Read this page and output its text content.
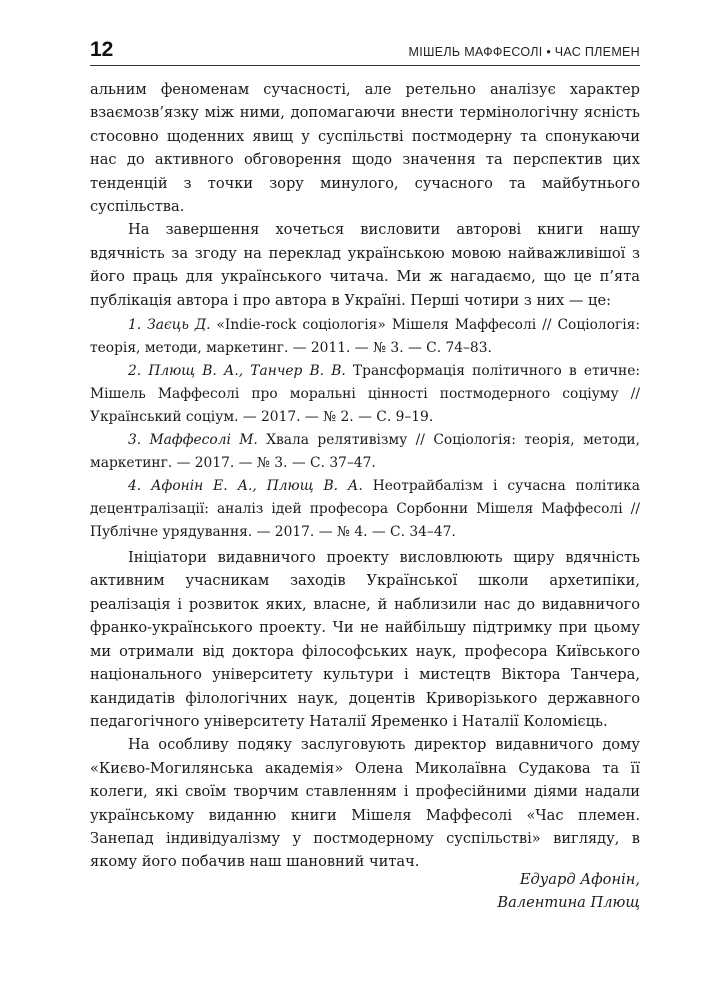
12	МІШЕЛЬ МАФФЕСОЛІ • ЧАС ПЛЕМЕН

альним феноменам сучасності, але ретельно аналізує характер взаємозв’язку між ними, допомагаючи внести термінологічну ясність стосовно щоденних явищ у суспільстві постмодерну та спонукаючи нас до активного обговорення щодо значення та перспектив цих тенденцій з точки зору минулого, сучасного та майбутнього суспільства.

На завершення хочеться висловити авторові книги нашу вдячність за згоду на переклад українською мовою найважливішої з його праць для українського читача. Ми ж нагадаємо, що це п’ята публікація автора і про автора в Україні. Перші чотири з них — це:

1. Заєць Д. «Indie-rock соціологія» Мішеля Маффесолі // Соціологія: теорія, методи, маркетинг. — 2011. — № 3. — С. 74–83.

2. Плющ В. А., Танчер В. В. Трансформація політичного в етичне: Мішель Маффесолі про моральні цінності постмодерного соціуму // Український соціум. — 2017. — № 2. — С. 9–19.

3. Маффесолі М. Хвала релятивізму // Соціологія: теорія, методи, маркетинг. — 2017. — № 3. — С. 37–47.

4. Афонін Е. А., Плющ В. А. Неотрайбалізм і сучасна політика децентралізації: аналіз ідей професора Сорбонни Мішеля Маффесолі // Публічне урядування. — 2017. — № 4. — С. 34–47.

Ініціатори видавничого проекту висловлюють щиру вдячність активним учасникам заходів Української школи архетипіки, реалізація і розвиток яких, власне, й наблизили нас до видавничого франко-українського проекту. Чи не найбільшу підтримку при цьому ми отримали від доктора філософських наук, професора Київського національного університету культури і мистецтв Віктора Танчера, кандидатів філологічних наук, доцентів Криворізького державного педагогічного університету Наталії Яременко і Наталії Коломієць.

На особливу подяку заслуговують директор видавничого дому «Києво-Могилянська академія» Олена Миколаївна Судакова та її колеги, які своїм творчим ставленням і професійними діями надали українському виданню книги Мішеля Маффесолі «Час племен. Занепад індивідуалізму у постмодерному суспільстві» вигляду, в якому його побачив наш шановний читач.

Едуард Афонін,
Валентина Плющ
